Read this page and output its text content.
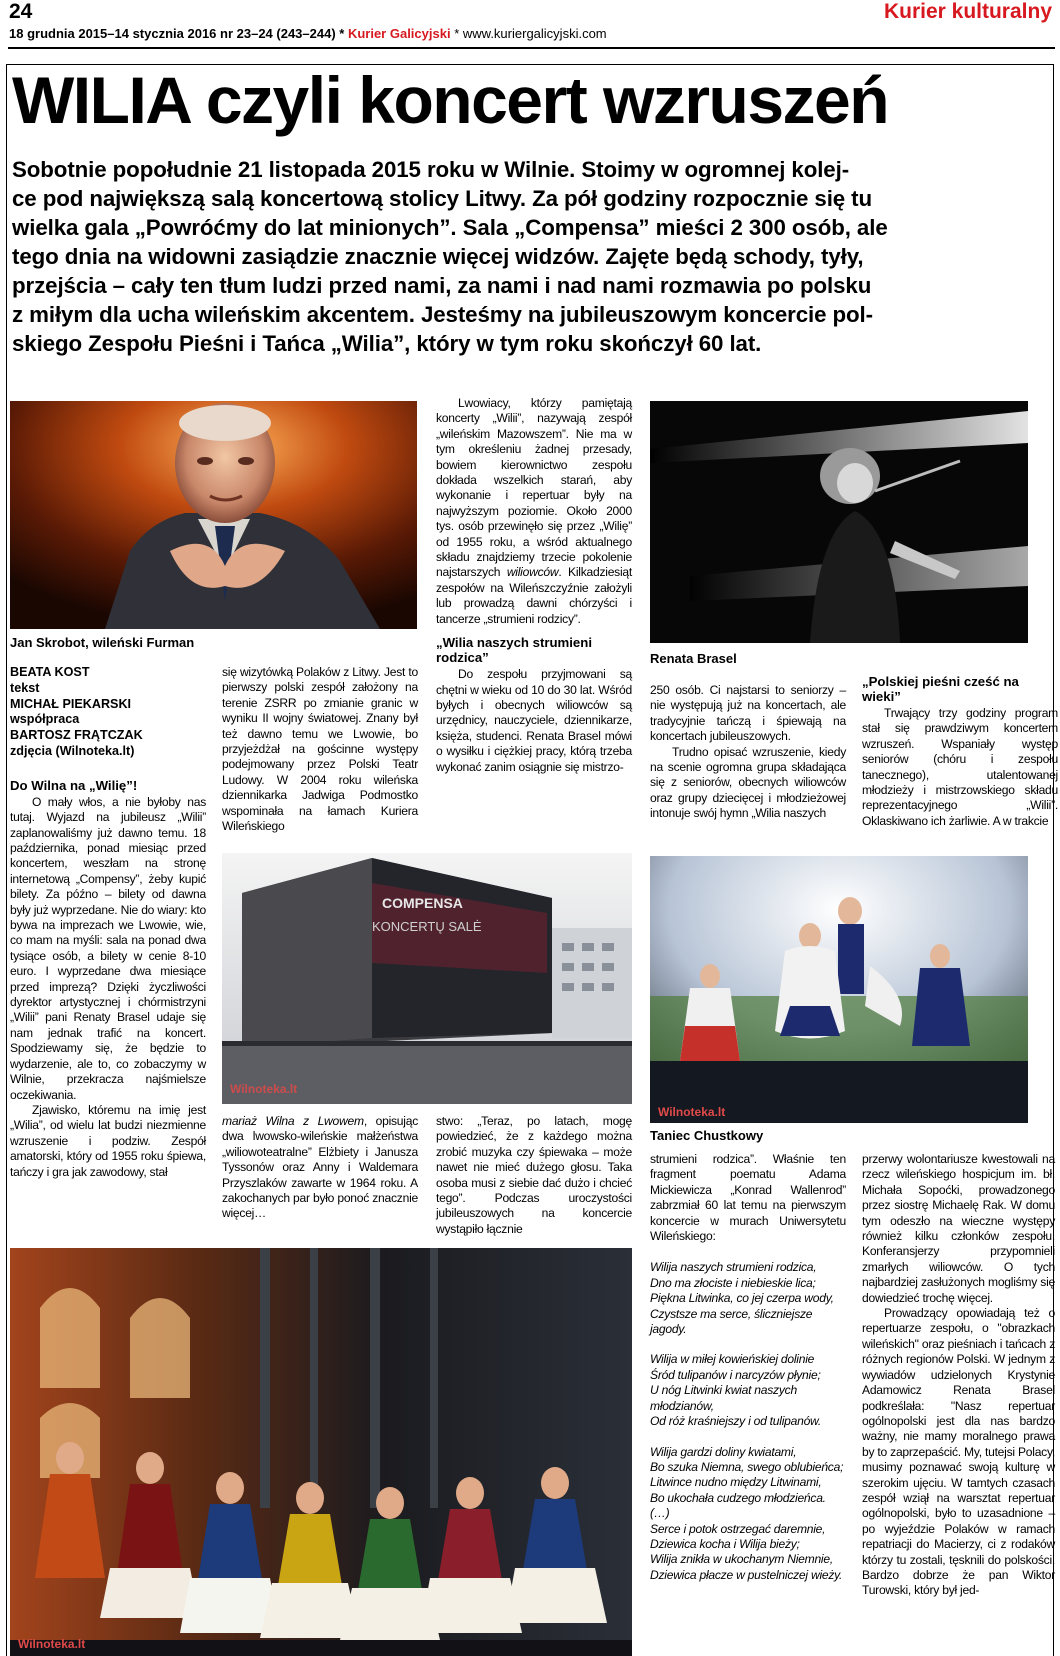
24
18 grudnia 2015–14 stycznia 2016 nr 23–24 (243–244) * Kurier Galicyjski * www.kuriergalicyjski.com
Kurier kulturalny
WILIA czyli koncert wzruszeń

Sobotnie popołudnie 21 listopada 2015 roku w Wilnie. Stoimy w ogromnej kolej-

ce pod największą salą koncertową stolicy Litwy. Za pół godziny rozpocznie się tu

wielka gala „Powróćmy do lat minionych”. Sala „Compensa” mieści 2 300 osób, ale

tego dnia na widowni zasiądzie znacznie więcej widzów. Zajęte będą schody, tyły,

przejścia – cały ten tłum ludzi przed nami, za nami i nad nami rozmawia po polsku

z miłym dla ucha wileńskim akcentem. Jesteśmy na jubileuszowym koncercie pol-

skiego Zespołu Pieśni i Tańca „Wilia”, który w tym roku skończył 60 lat.

Jan Skrobot, wileński Furman
Renata Brasel

Lwowiacy, którzy pamiętają koncerty „Wilii”, nazywają zespół „wileńskim Mazowszem”. Nie ma w tym określeniu żadnej przesady, bowiem kierownictwo zespołu dokłada wszelkich starań, aby wykonanie i repertuar były na najwyższym poziomie. Około 2000 tys. osób przewinęło się przez „Wilię” od 1955 roku, a wśród aktualnego składu znajdziemy trzecie pokolenie najstarszych wiliowców. Kilkadziesiąt zespołów na Wileńszczyźnie założyli lub prowadzą dawni chórzyści i tancerze „strumieni rodzicy”.

„Wilia naszych strumieni rodzica”

Do zespołu przyjmowani są chętni w wieku od 10 do 30 lat. Wśród byłych i obecnych wiliowców są urzędnicy, nauczyciele, dziennikarze, księża, studenci. Renata Brasel mówi o wysiłku i ciężkiej pracy, którą trzeba wykonać zanim osiągnie się mistrzo-

BEATA KOST
tekst
MICHAŁ PIEKARSKI
współpraca
BARTOSZ FRĄTCZAK
zdjęcia (Wilnoteka.lt)
Do Wilna na „Wilię”!

O mały włos, a nie byłoby nas tutaj. Wyjazd na jubileusz „Wilii” zaplanowaliśmy już dawno temu. 18 października, ponad miesiąc przed koncertem, weszłam na stronę internetową „Compensy”, żeby kupić bilety. Za późno – bilety od dawna były już wyprzedane. Nie do wiary: kto bywa na imprezach we Lwowie, wie, co mam na myśli: sala na ponad dwa tysiące osób, a bilety w cenie 8-10 euro. I wyprzedane dwa miesiące przed imprezą? Dzięki życzliwości dyrektor artystycznej i chórmistrzyni „Wilii” pani Renaty Brasel udaje się nam jednak trafić na koncert. Spodziewamy się, że będzie to wydarzenie, ale to, co zobaczymy w Wilnie, przekracza najśmielsze oczekiwania.

Zjawisko, któremu na imię jest „Wilia”, od wielu lat budzi niezmienne wzruszenie i podziw. Zespół amatorski, który od 1955 roku śpiewa, tańczy i gra jak zawodowy, stał

się wizytówką Polaków z Litwy. Jest to pierwszy polski zespół założony na terenie ZSRR po zmianie granic w wyniku II wojny światowej. Znany był też dawno temu we Lwowie, bo przyjeżdżał na gościnne występy podejmowany przez Polski Teatr Ludowy. W 2004 roku wileńska dziennikarka Jadwiga Podmostko wspominała na łamach Kuriera Wileńskiego

250 osób. Ci najstarsi to seniorzy – nie występują już na koncertach, ale tradycyjnie tańczą i śpiewają na koncertach jubileuszowych.

Trudno opisać wzruszenie, kiedy na scenie ogromna grupa składająca się z seniorów, obecnych wiliowców oraz grupy dziecięcej i młodzieżowej intonuje swój hymn „Wilia naszych

„Polskiej pieśni cześć na wieki”

Trwający trzy godziny program stał się prawdziwym koncertem wzruszeń. Wspaniały występ seniorów (chóru i zespołu tanecznego), utalentowanej młodzieży i mistrzowskiego składu reprezentacyjnego „Wilii”. Oklaskiwano ich żarliwie. A w trakcie

COMPENSA
KONCERTŲ SALĖ
Wilnoteka.lt
Wilnoteka.lt
Taniec Chustkowy

mariaż Wilna z Lwowem, opisując dwa lwowsko-wileńskie małżeństwa „wiliowoteatralne” Elżbiety i Janusza Tyssonów oraz Anny i Waldemara Przyszlaków zawarte w 1964 roku. A zakochanych par było ponoć znacznie więcej…

stwo: „Teraz, po latach, mogę powiedzieć, że z każdego można zrobić muzyka czy śpiewaka – może nawet nie mieć dużego głosu. Taka osoba musi z siebie dać dużo i chcieć tego”. Podczas uroczystości jubileuszowych na koncercie wystąpiło łącznie

strumieni rodzica”. Właśnie ten fragment poematu Adama Mickiewicza „Konrad Wallenrod” zabrzmiał 60 lat temu na pierwszym koncercie w murach Uniwersytetu Wileńskiego:

Wilija naszych strumieni rodzica,
Dno ma złociste i niebieskie lica;
Piękna Litwinka, co jej czerpa wody,
Czystsze ma serce, śliczniejsze jagody.
Wilija w miłej kowieńskiej dolinie
Śród tulipanów i narcyzów płynie;
U nóg Litwinki kwiat naszych młodzianów,
Od róż kraśniejszy i od tulipanów.
Wilija gardzi doliny kwiatami,
Bo szuka Niemna, swego oblubieńca;
Litwince nudno między Litwinami,
Bo ukochała cudzego młodzieńca.
(…)
Serce i potok ostrzegać daremnie,
Dziewica kocha i Wilija bieży;
Wilija znikła w ukochanym Niemnie,
Dziewica płacze w pustelniczej wieży.

przerwy wolontariusze kwestowali na rzecz wileńskiego hospicjum im. bł. Michała Sopoćki, prowadzonego przez siostrę Michaelę Rak. W domu tym odeszło na wieczne występy również kilku członków zespołu. Konferansjerzy przypomnieli zmarłych wiliowców. O tych najbardziej zasłużonych mogliśmy się dowiedzieć trochę więcej.

Prowadzący opowiadają też o repertuarze zespołu, o "obrazkach wileńskich" oraz pieśniach i tańcach z różnych regionów Polski. W jednym z wywiadów udzielonych Krystynie Adamowicz Renata Brasel podkreślała: "Nasz repertuar ogólnopolski jest dla nas bardzo ważny, nie mamy moralnego prawa by to zaprzepaścić. My, tutejsi Polacy, musimy poznawać swoją kulturę w szerokim ujęciu. W tamtych czasach zespół wziął na warsztat repertuar ogólnopolski, było to uzasadnione – po wyjeździe Polaków w ramach repatriacji do Macierzy, ci z rodaków którzy tu zostali, tęsknili do polskości. Bardzo dobrze że pan Wiktor Turowski, który był jed-

Wilnoteka.lt
